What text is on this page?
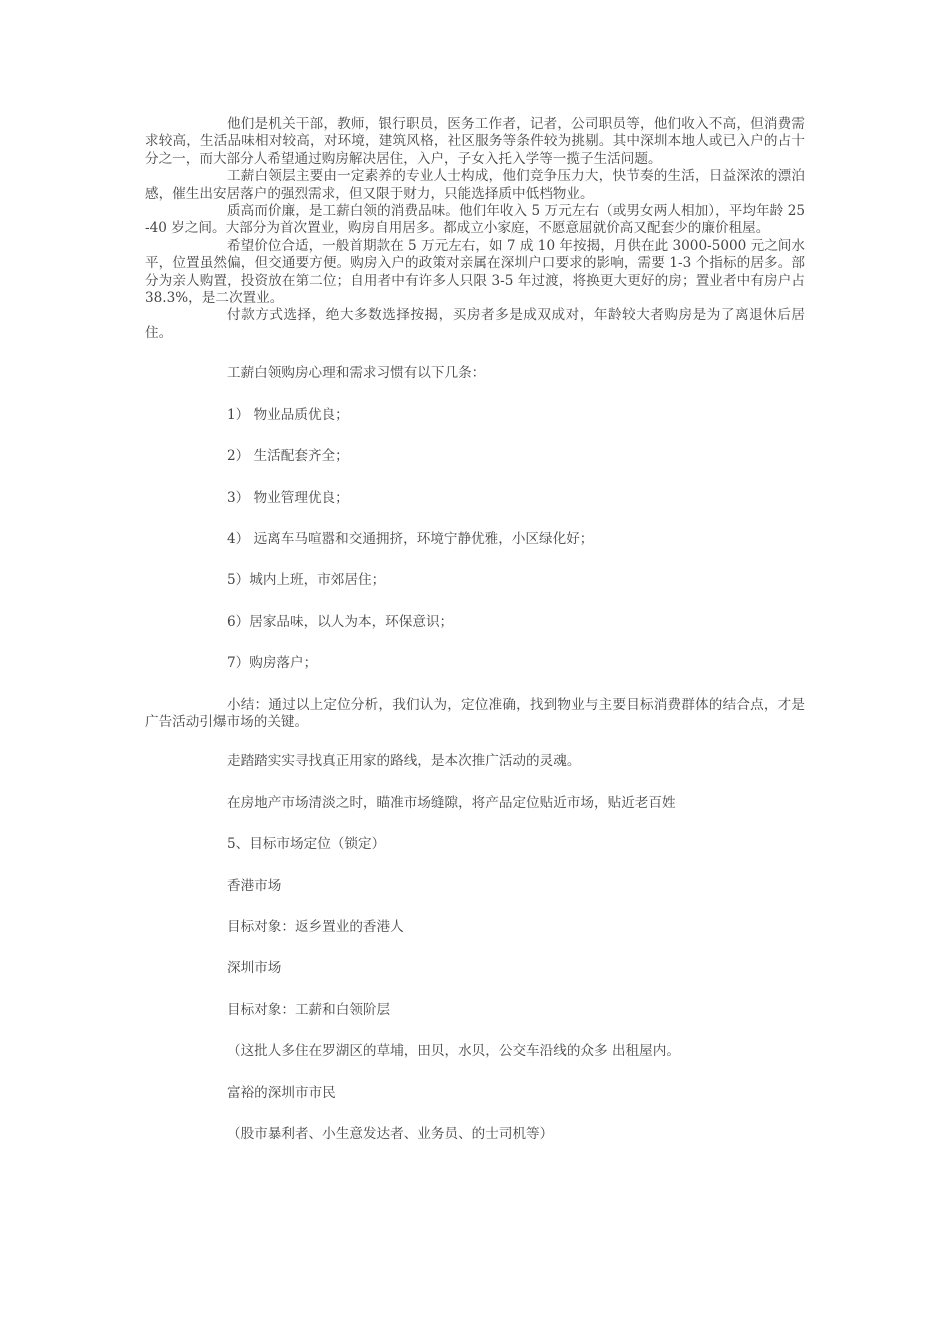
他们是机关干部，教师，银行职员，医务工作者，记者，公司职员等，他们收入不高，但消费需求较高，生活品味相对较高，对环境，建筑风格，社区服务等条件较为挑剔。其中深圳本地人或已入户的占十分之一，而大部分人希望通过购房解决居住，入户，子女入托入学等一揽子生活问题。

工薪白领层主要由一定素养的专业人士构成，他们竞争压力大，快节奏的生活，日益深浓的漂泊感，催生出安居落户的强烈需求，但又限于财力，只能选择质中低档物业。

质高而价廉，是工薪白领的消费品味。他们年收入 5 万元左右（或男女两人相加），平均年龄 25-40 岁之间。大部分为首次置业，购房自用居多。都成立小家庭，不愿意屈就价高又配套少的廉价租屋。

希望价位合适，一般首期款在 5 万元左右，如 7 成 10 年按揭，月供在此 3000-5000 元之间水平，位置虽然偏，但交通要方便。购房入户的政策对亲属在深圳户口要求的影响，需要 1-3 个指标的居多。部分为亲人购置，投资放在第二位；自用者中有许多人只限 3-5 年过渡，将换更大更好的房；置业者中有房户占 38.3%，是二次置业。

付款方式选择，绝大多数选择按揭，买房者多是成双成对，年龄较大者购房是为了离退休后居住。

工薪白领购房心理和需求习惯有以下几条：

1） 物业品质优良；

2） 生活配套齐全；

3） 物业管理优良；

4） 远离车马喧嚣和交通拥挤，环境宁静优雅，小区绿化好；

5）城内上班，市郊居住；

6）居家品味，以人为本，环保意识；

7）购房落户；

小结：通过以上定位分析，我们认为，定位准确，找到物业与主要目标消费群体的结合点，才是广告活动引爆市场的关键。

走踏踏实实寻找真正用家的路线，是本次推广活动的灵魂。

在房地产市场清淡之时，瞄准市场缝隙，将产品定位贴近市场，贴近老百姓

5、目标市场定位（锁定）

香港市场

目标对象：返乡置业的香港人

深圳市场

目标对象：工薪和白领阶层

（这批人多住在罗湖区的草埔，田贝，水贝，公交车沿线的众多 出租屋内。

富裕的深圳市市民

（股市暴利者、小生意发达者、业务员、的士司机等）
